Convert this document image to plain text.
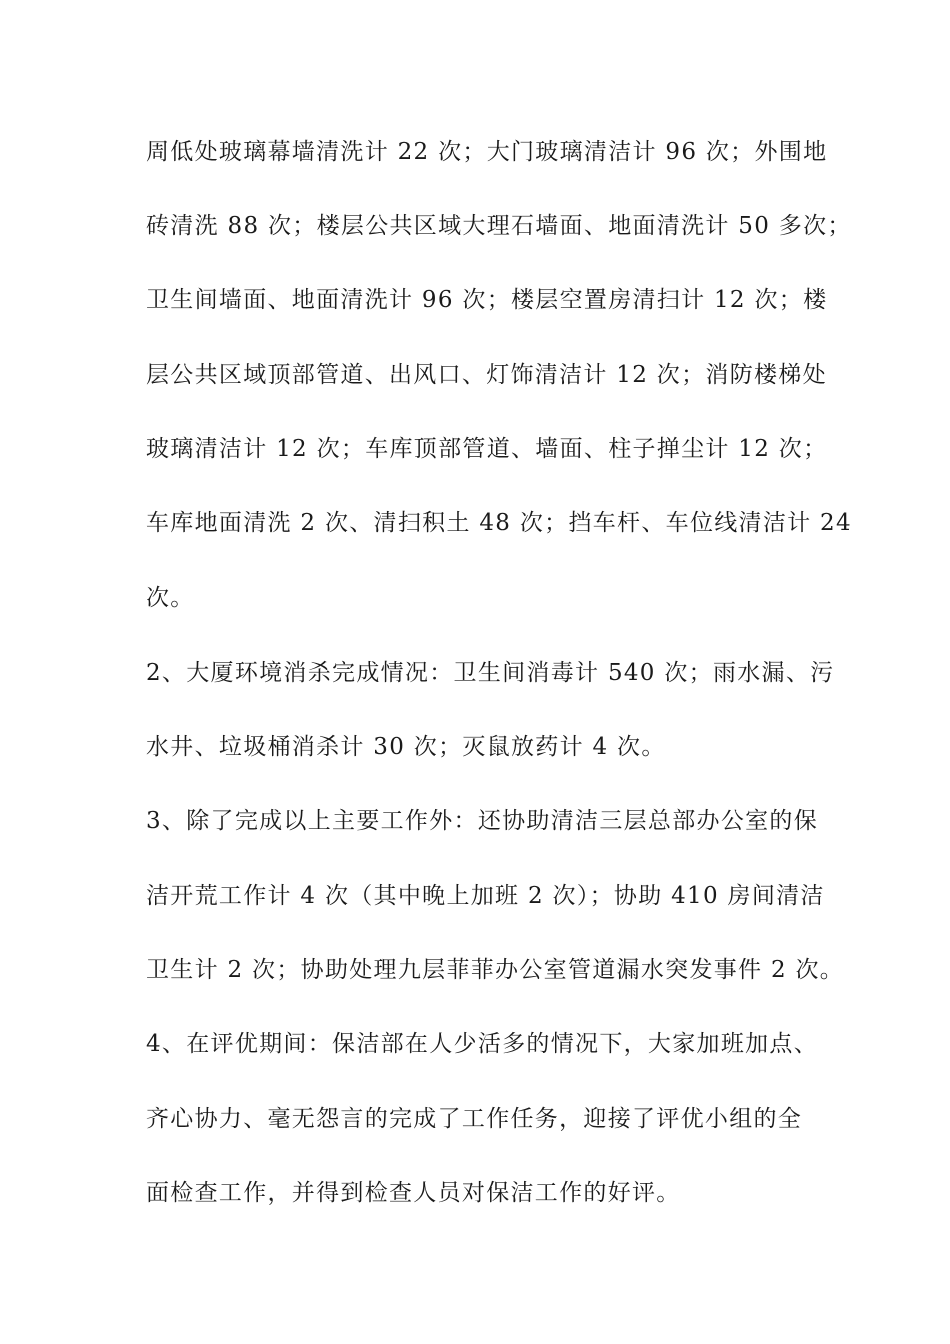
周低处玻璃幕墙清洗计 22 次；大门玻璃清洁计 96 次；外围地
砖清洗 88 次；楼层公共区域大理石墙面、地面清洗计 50 多次；
卫生间墙面、地面清洗计 96 次；楼层空置房清扫计 12 次；楼
层公共区域顶部管道、出风口、灯饰清洁计 12 次；消防楼梯处
玻璃清洁计 12 次；车库顶部管道、墙面、柱子掸尘计 12 次；
车库地面清洗 2 次、清扫积土 48 次；挡车杆、车位线清洁计 24
次。
2、大厦环境消杀完成情况：卫生间消毒计 540 次；雨水漏、污
水井、垃圾桶消杀计 30 次；灭鼠放药计 4 次。
3、除了完成以上主要工作外：还协助清洁三层总部办公室的保
洁开荒工作计 4 次（其中晚上加班 2 次）；协助 410 房间清洁
卫生计 2 次；协助处理九层菲菲办公室管道漏水突发事件 2 次。
4、在评优期间：保洁部在人少活多的情况下，大家加班加点、
齐心协力、毫无怨言的完成了工作任务，迎接了评优小组的全
面检查工作，并得到检查人员对保洁工作的好评。
